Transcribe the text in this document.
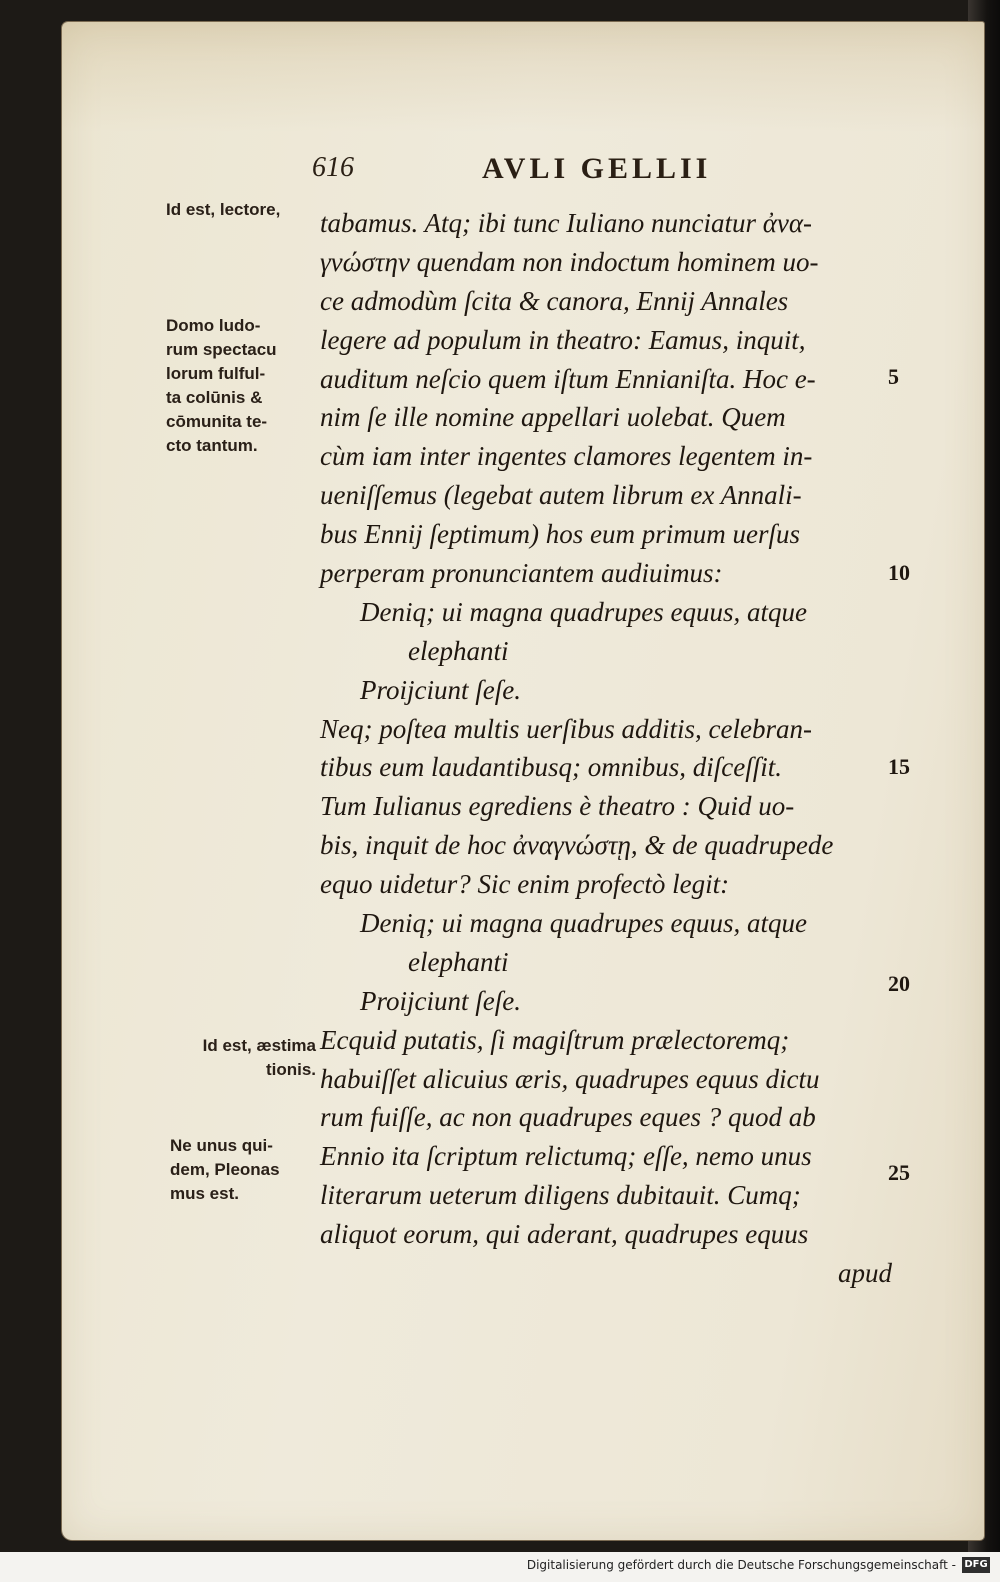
616	AVLI GELLII
Id est, lectore,
Domo ludo-
rum spectacu
lorum fulful-
ta colūnis &
cōmunita te-
cto tantum.
Id est, æstima
tionis.
Ne unus qui-
dem, Pleonas
mus est.
tabamus. Atq; ibi tunc Iuliano nunciatur ἀνα-
γνώστην quendam non indoctum hominem uo-
ce admodùm ſcita & canora, Ennij Annales
legere ad populum in theatro: Eamus, inquit,
auditum neſcio quem iſtum Ennianiſta. Hoc e-
nim ſe ille nomine appellari uolebat. Quem
cùm iam inter ingentes clamores legentem in-
ueniſſemus (legebat autem librum ex Annali-
bus Ennij ſeptimum) hos eum primum uerſus
perperam pronunciantem audiuimus:
Deniq; ui magna quadrupes equus, atque
elephanti
Proijciunt ſeſe.
Neq; poſtea multis uerſibus additis, celebran-
tibus eum laudantibusq; omnibus, diſceſſit.
Tum Iulianus egrediens è theatro : Quid uo-
bis, inquit de hoc ἀναγνώστῃ, & de quadrupede
equo uidetur? Sic enim profectò legit:
Deniq; ui magna quadrupes equus, atque
elephanti
Proijciunt ſeſe.
Ecquid putatis, ſi magiſtrum prælectoremq;
habuiſſet alicuius æris, quadrupes equus dictu
rum fuiſſe, ac non quadrupes eques ? quod ab
Ennio ita ſcriptum relictumq; eſſe, nemo unus
literarum ueterum diligens dubitauit. Cumq;
aliquot eorum, qui aderant, quadrupes equus
apud
5
10
15
20
25
Digitalisierung gefördert durch die Deutsche Forschungsgemeinschaft - DFG
